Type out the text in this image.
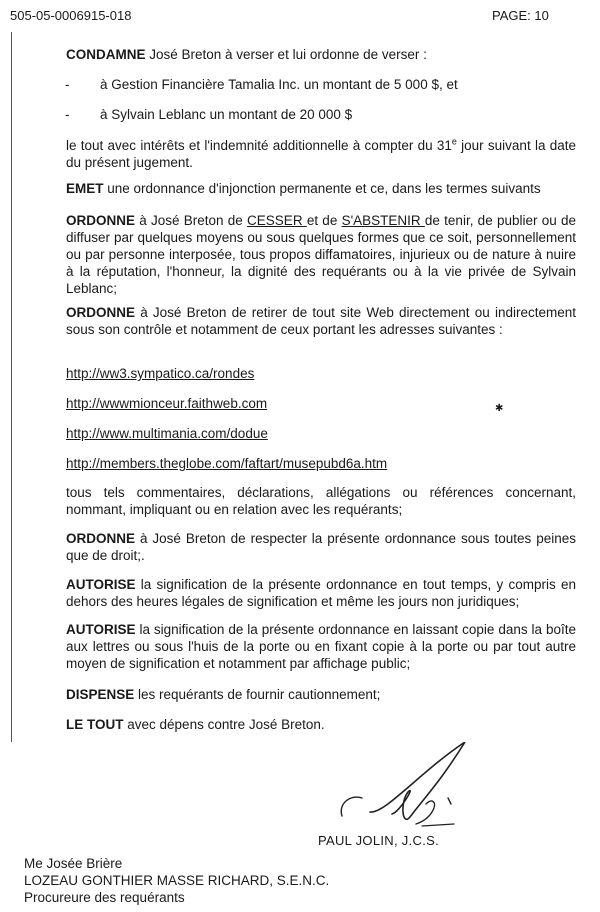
505-05-0006915-018	PAGE: 10
CONDAMNE José Breton à verser et lui ordonne de verser :
- à Gestion Financière Tamalia Inc. un montant de 5 000 $, et
- à Sylvain Leblanc un montant de 20 000 $
le tout avec intérêts et l'indemnité additionnelle à compter du 31e jour suivant la date du présent jugement.
EMET une ordonnance d'injonction permanente et ce, dans les termes suivants
ORDONNE à José Breton de CESSER et de S'ABSTENIR de tenir, de publier ou de diffuser par quelques moyens ou sous quelques formes que ce soit, personnellement ou par personne interposée, tous propos diffamatoires, injurieux ou de nature à nuire à la réputation, l'honneur, la dignité des requérants ou à la vie privée de Sylvain Leblanc;
ORDONNE à José Breton de retirer de tout site Web directement ou indirectement sous son contrôle et notamment de ceux portant les adresses suivantes :
http://ww3.sympatico.ca/rondes
http://wwwmionceur.faithweb.com
http://www.multimania.com/dodue
http://members.theglobe.com/faftart/musepubd6a.htm
✱
tous tels commentaires, déclarations, allégations ou références concernant, nommant, impliquant ou en relation avec les requérants;
ORDONNE à José Breton de respecter la présente ordonnance sous toutes peines que de droit;.
AUTORISE la signification de la présente ordonnance en tout temps, y compris en dehors des heures légales de signification et même les jours non juridiques;
AUTORISE la signification de la présente ordonnance en laissant copie dans la boîte aux lettres ou sous l'huis de la porte ou en fixant copie à la porte ou par tout autre moyen de signification et notamment par affichage public;
DISPENSE les requérants de fournir cautionnement;
LE TOUT avec dépens contre José Breton.
PAUL JOLIN, J.C.S.
Me Josée Brière
LOZEAU GONTHIER MASSE RICHARD, S.E.N.C.
Procureure des requérants
